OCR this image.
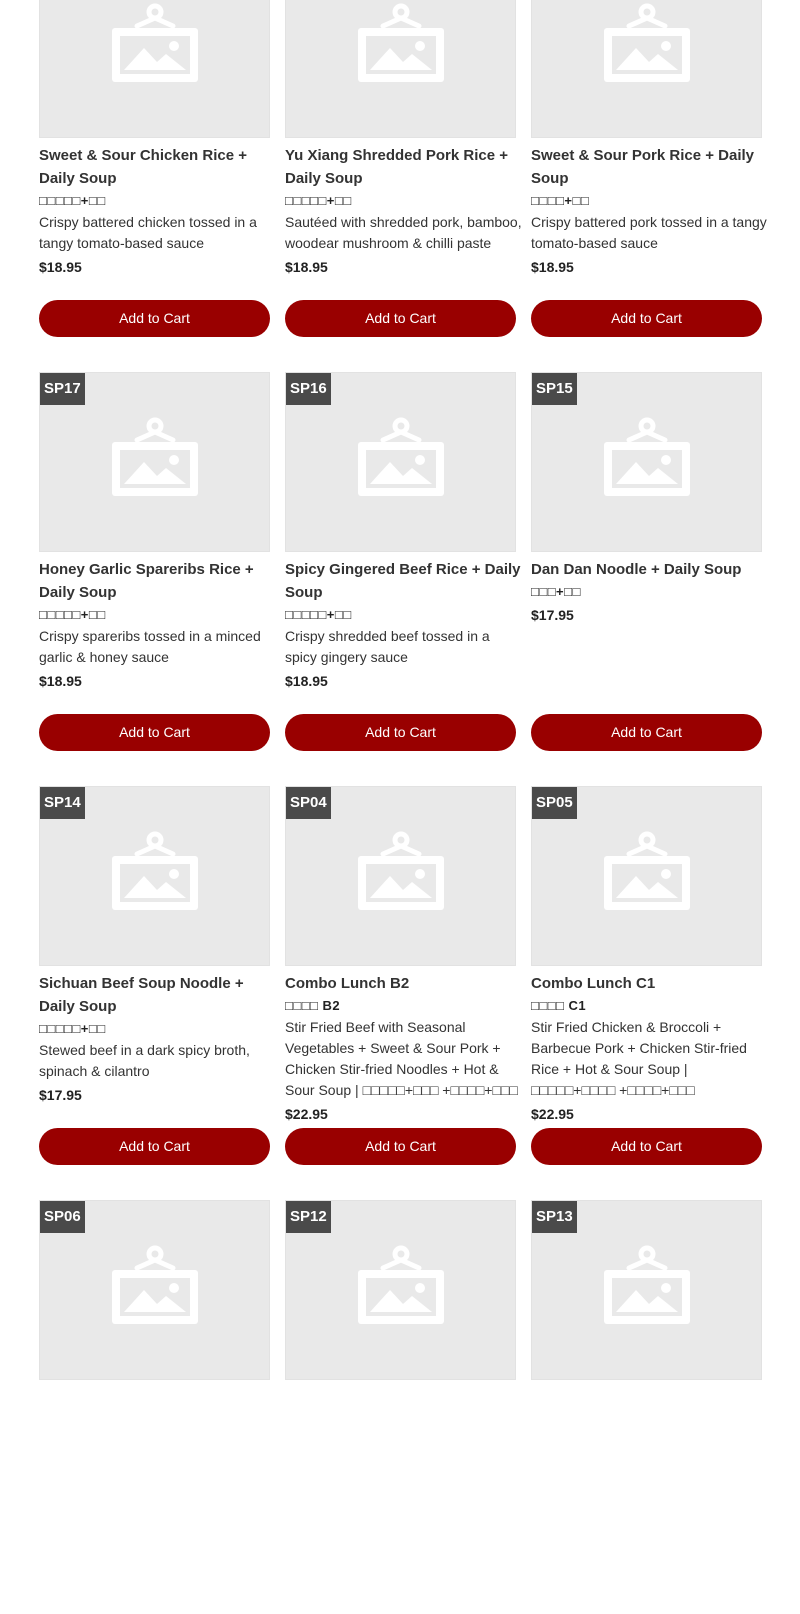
Sweet & Sour Chicken Rice + Daily Soup
□□□□□+□□
Crispy battered chicken tossed in a tangy tomato-based sauce
$18.95
Add to Cart
Yu Xiang Shredded Pork Rice + Daily Soup
□□□□□+□□
Sautéed with shredded pork, bamboo, woodear mushroom & chilli paste
$18.95
Add to Cart
Sweet & Sour Pork Rice + Daily Soup
□□□□+□□
Crispy battered pork tossed in a tangy tomato-based sauce
$18.95
Add to Cart
SP17
Honey Garlic Spareribs Rice + Daily Soup
□□□□□+□□
Crispy spareribs tossed in a minced garlic & honey sauce
$18.95
Add to Cart
SP16
Spicy Gingered Beef Rice + Daily Soup
□□□□□+□□
Crispy shredded beef tossed in a spicy gingery sauce
$18.95
Add to Cart
SP15
Dan Dan Noodle + Daily Soup
□□□+□□
$17.95
Add to Cart
SP14
Sichuan Beef Soup Noodle + Daily Soup
□□□□□+□□
Stewed beef in a dark spicy broth, spinach & cilantro
$17.95
Add to Cart
SP04
Combo Lunch B2
□□□□ B2
Stir Fried Beef with Seasonal Vegetables + Sweet & Sour Pork + Chicken Stir-fried Noodles + Hot & Sour Soup | □□□□□+□□□ +□□□□+□□□
$22.95
Add to Cart
SP05
Combo Lunch C1
□□□□ C1
Stir Fried Chicken & Broccoli + Barbecue Pork + Chicken Stir-fried Rice + Hot & Sour Soup | □□□□□+□□□□ +□□□□+□□□
$22.95
Add to Cart
SP06	SP12	SP13
